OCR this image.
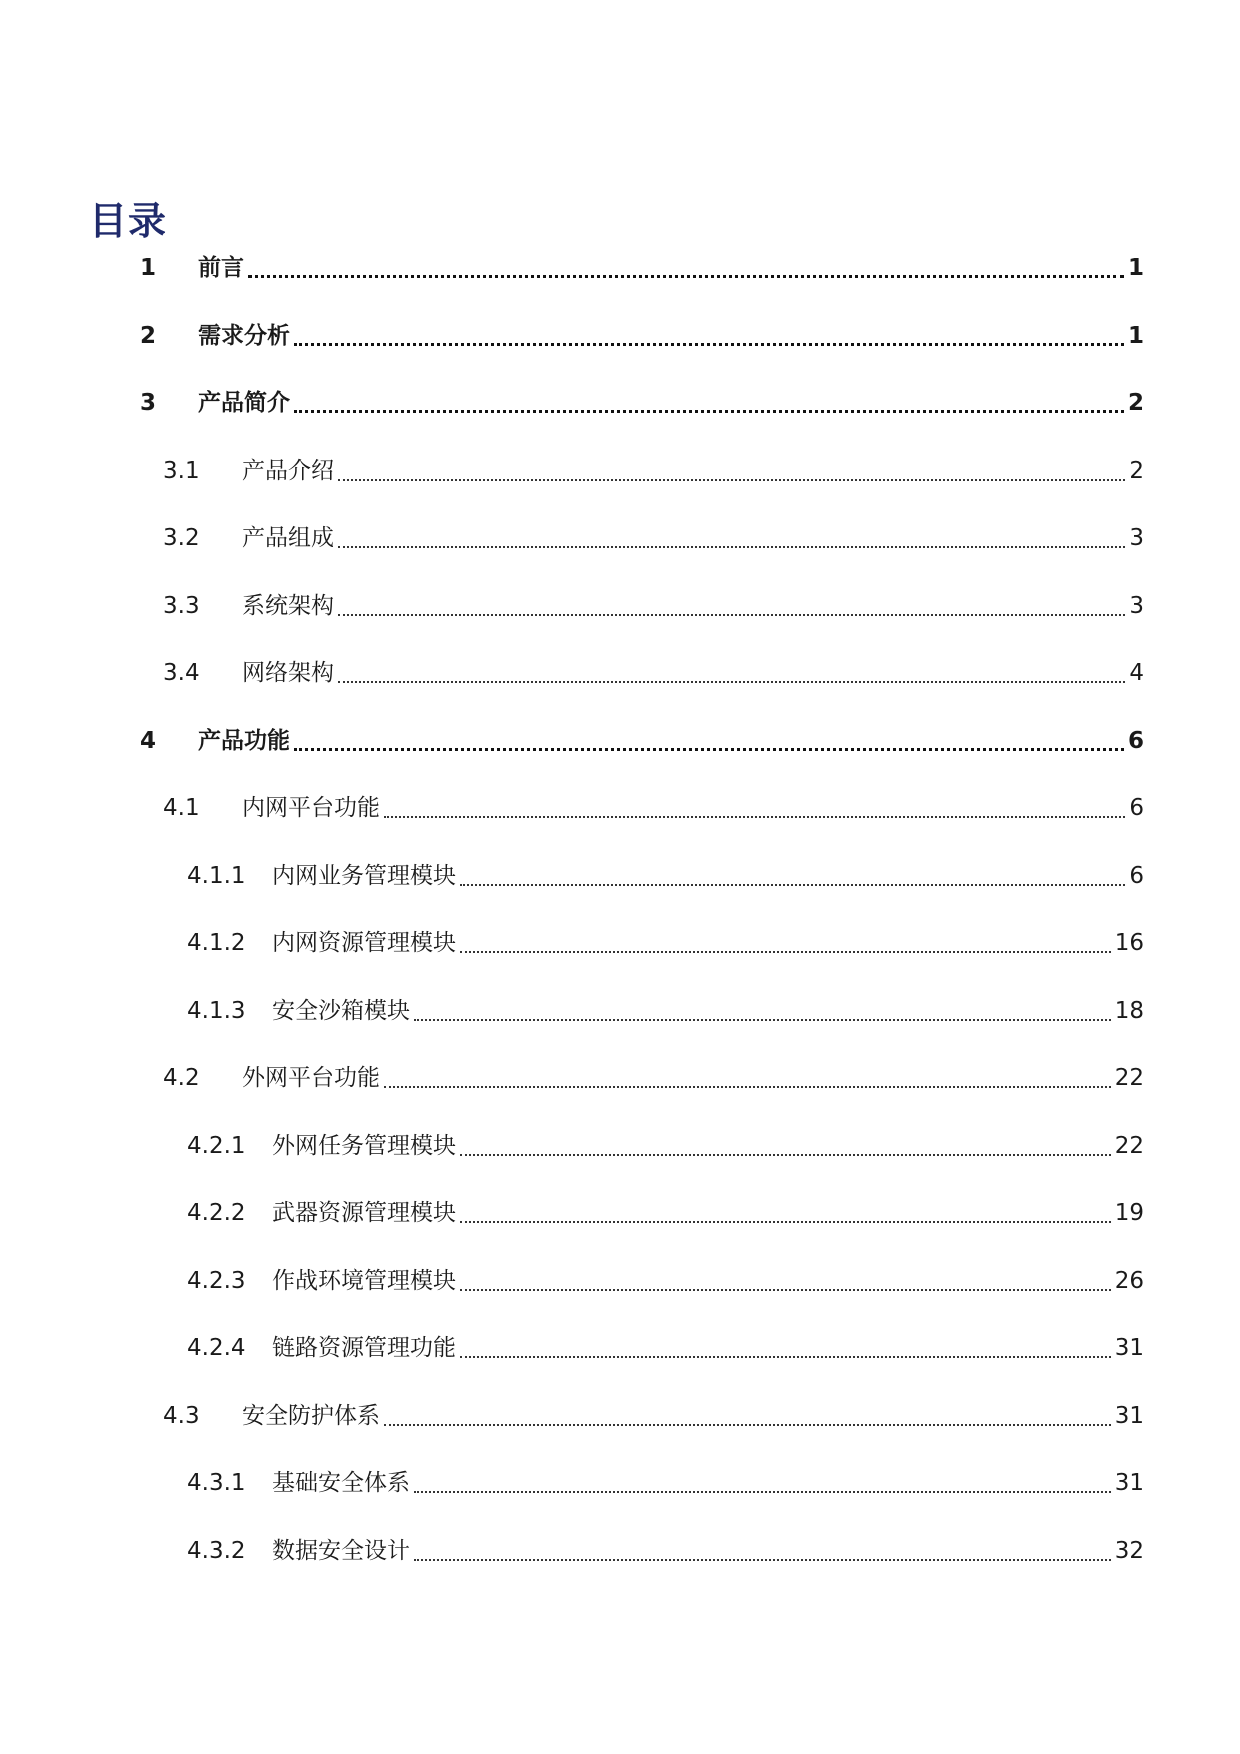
目录
1	前言	1
2	需求分析	1
3	产品简介	2
3.1	产品介绍	2
3.2	产品组成	3
3.3	系统架构	3
3.4	网络架构	4
4	产品功能	6
4.1	内网平台功能	6
4.1.1	内网业务管理模块	6
4.1.2	内网资源管理模块	16
4.1.3	安全沙箱模块	18
4.2	外网平台功能	22
4.2.1	外网任务管理模块	22
4.2.2	武器资源管理模块	19
4.2.3	作战环境管理模块	26
4.2.4	链路资源管理功能	31
4.3	安全防护体系	31
4.3.1	基础安全体系	31
4.3.2	数据安全设计	32
